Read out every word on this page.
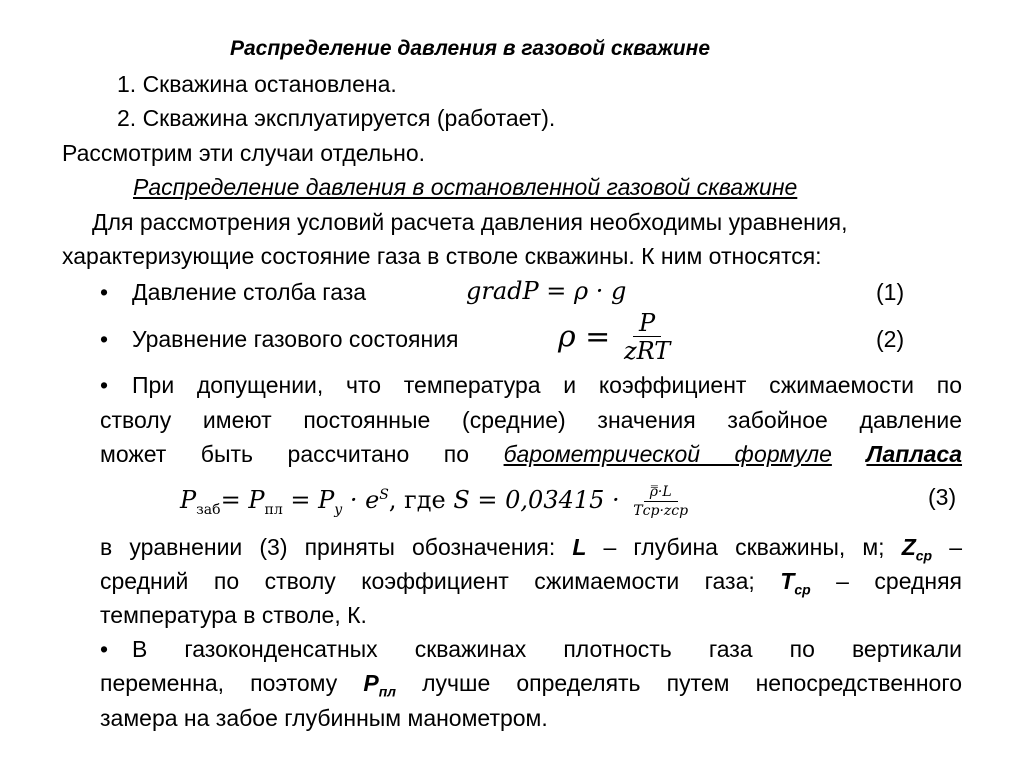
Распределение давления в газовой скважине
1. Скважина остановлена.
2. Скважина эксплуатируется (работает).
Рассмотрим эти случаи отдельно.
Распределение давления в остановленной газовой скважине
Для рассмотрения условий расчета давления необходимы уравнения,
характеризующие состояние газа в стволе скважины. К ним относятся:
• Давление столба газа	gradP = ρ · g	(1)
• Уравнение газового состояния	$\rho = \frac{P}{\text{zRT}}$	(2)
• При допущении, что температура и коэффициент сжимаемости по
стволу имеют постоянные (средние) значения забойное давление
может быть рассчитано по барометрической формуле Лапласа
$P_{заб}= P_{пл} = P_y \cdot e^S$, где $S = 0,03415 \cdot \frac{\rho̿\cdot L}{\text{Tср·zср}}$	(3)
в уравнении (3) приняты обозначения: L – глубина скважины, м; $Z_{ср}$ –
средний по стволу коэффициент сжимаемости газа; $T_{ср}$ – средняя
температура в стволе, К.
• В газоконденсатных скважинах плотность газа по вертикали
переменна, поэтому $P_{пл}$ лучше определять путем непосредственного
замера на забое глубинным манометром.
